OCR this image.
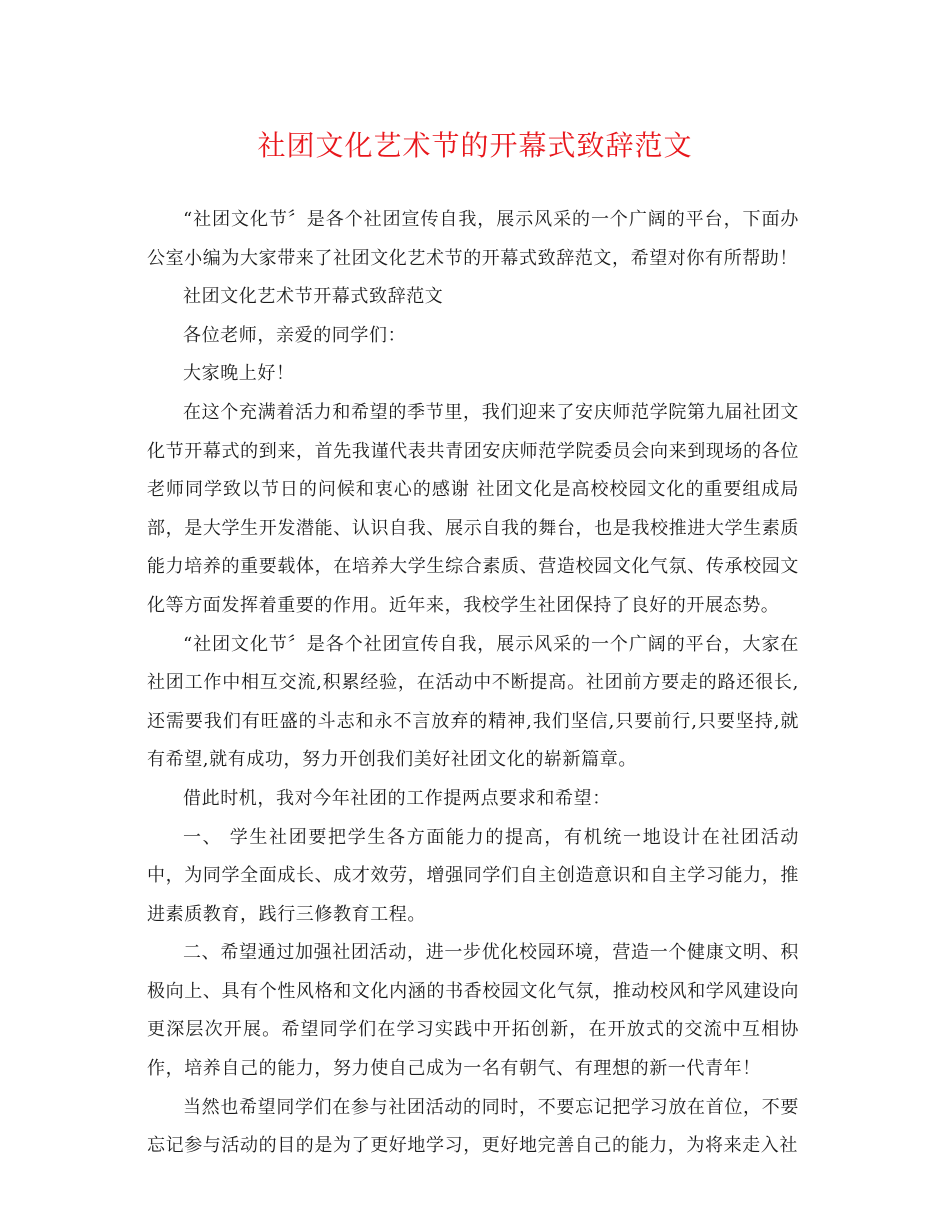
社团文化艺术节的开幕式致辞范文

“社团文化节〞是各个社团宣传自我，展示风采的一个广阔的平台，下面办公室小编为大家带来了社团文化艺术节的开幕式致辞范文，希望对你有所帮助！

社团文化艺术节开幕式致辞范文

各位老师，亲爱的同学们：

大家晚上好！

在这个充满着活力和希望的季节里，我们迎来了安庆师范学院第九届社团文化节开幕式的到来，首先我谨代表共青团安庆师范学院委员会向来到现场的各位老师同学致以节日的问候和衷心的感谢 社团文化是高校校园文化的重要组成局部，是大学生开发潜能、认识自我、展示自我的舞台，也是我校推进大学生素质能力培养的重要载体，在培养大学生综合素质、营造校园文化气氛、传承校园文化等方面发挥着重要的作用。近年来，我校学生社团保持了良好的开展态势。

“社团文化节〞是各个社团宣传自我，展示风采的一个广阔的平台，大家在社团工作中相互交流,积累经验，在活动中不断提高。社团前方要走的路还很长,还需要我们有旺盛的斗志和永不言放弃的精神,我们坚信,只要前行,只要坚持,就有希望,就有成功，努力开创我们美好社团文化的崭新篇章。

借此时机，我对今年社团的工作提两点要求和希望：

一、 学生社团要把学生各方面能力的提高，有机统一地设计在社团活动中，为同学全面成长、成才效劳，增强同学们自主创造意识和自主学习能力，推进素质教育，践行三修教育工程。

二、希望通过加强社团活动，进一步优化校园环境，营造一个健康文明、积极向上、具有个性风格和文化内涵的书香校园文化气氛，推动校风和学风建设向更深层次开展。希望同学们在学习实践中开拓创新，在开放式的交流中互相协作，培养自己的能力，努力使自己成为一名有朝气、有理想的新一代青年！

当然也希望同学们在参与社团活动的同时，不要忘记把学习放在首位，不要忘记参与活动的目的是为了更好地学习，更好地完善自己的能力，为将来走入社
